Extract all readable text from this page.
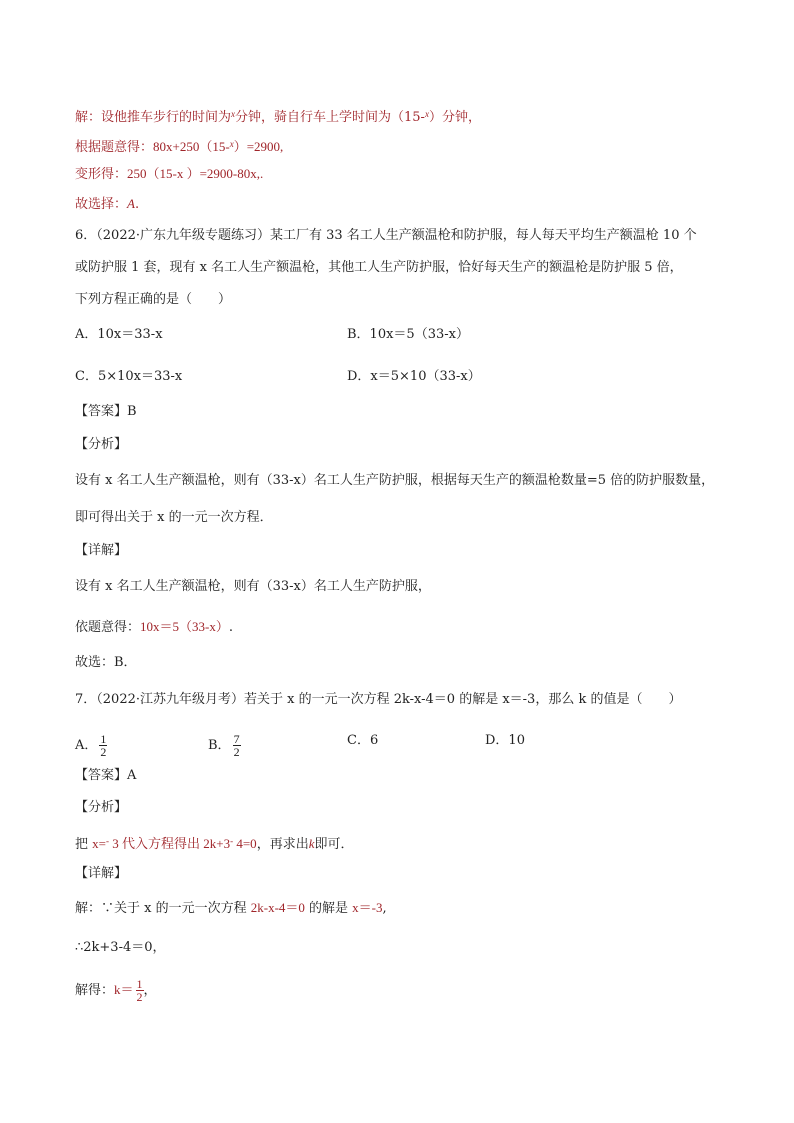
解：设他推车步行的时间为$^x$分钟，骑自行车上学时间为（15-$^x$）分钟，
根据题意得：80x+250（15-$^x$）=2900,
变形得：250（15-x ）=2900-80x,.
故选择：A.
6．（2022·广东九年级专题练习）某工厂有 33 名工人生产额温枪和防护服，每人每天平均生产额温枪 10 个
或防护服 1 套，现有 x 名工人生产额温枪，其他工人生产防护服，恰好每天生产的额温枪是防护服 5 倍，
下列方程正确的是（　　）
A．10x＝33-x	B．10x＝5（33-x）
C．5×10x＝33-x	D．x＝5×10（33-x）
【答案】B
【分析】
设有 x 名工人生产额温枪，则有（33-x）名工人生产防护服，根据每天生产的额温枪数量=5 倍的防护服数量，
即可得出关于 x 的一元一次方程．
【详解】
设有 x 名工人生产额温枪，则有（33-x）名工人生产防护服，
依题意得：10x＝5（33-x）.
故选：B．
7．（2022·江苏九年级月考）若关于 x 的一元一次方程 2k-x-4＝0 的解是 x＝-3，那么 k 的值是（　　）
A． $\frac{1}{2}$	B． $\frac{7}{2}$	C．6	D．10
【答案】A
【分析】
把 x=- 3 代入方程得出 2k+3- 4=0，再求出k即可．
【详解】
解：∵关于 x 的一元一次方程 2k-x-4＝0 的解是 x＝-3,
∴2k+3-4＝0，
解得：$k= \frac{1}{2}$ ，
